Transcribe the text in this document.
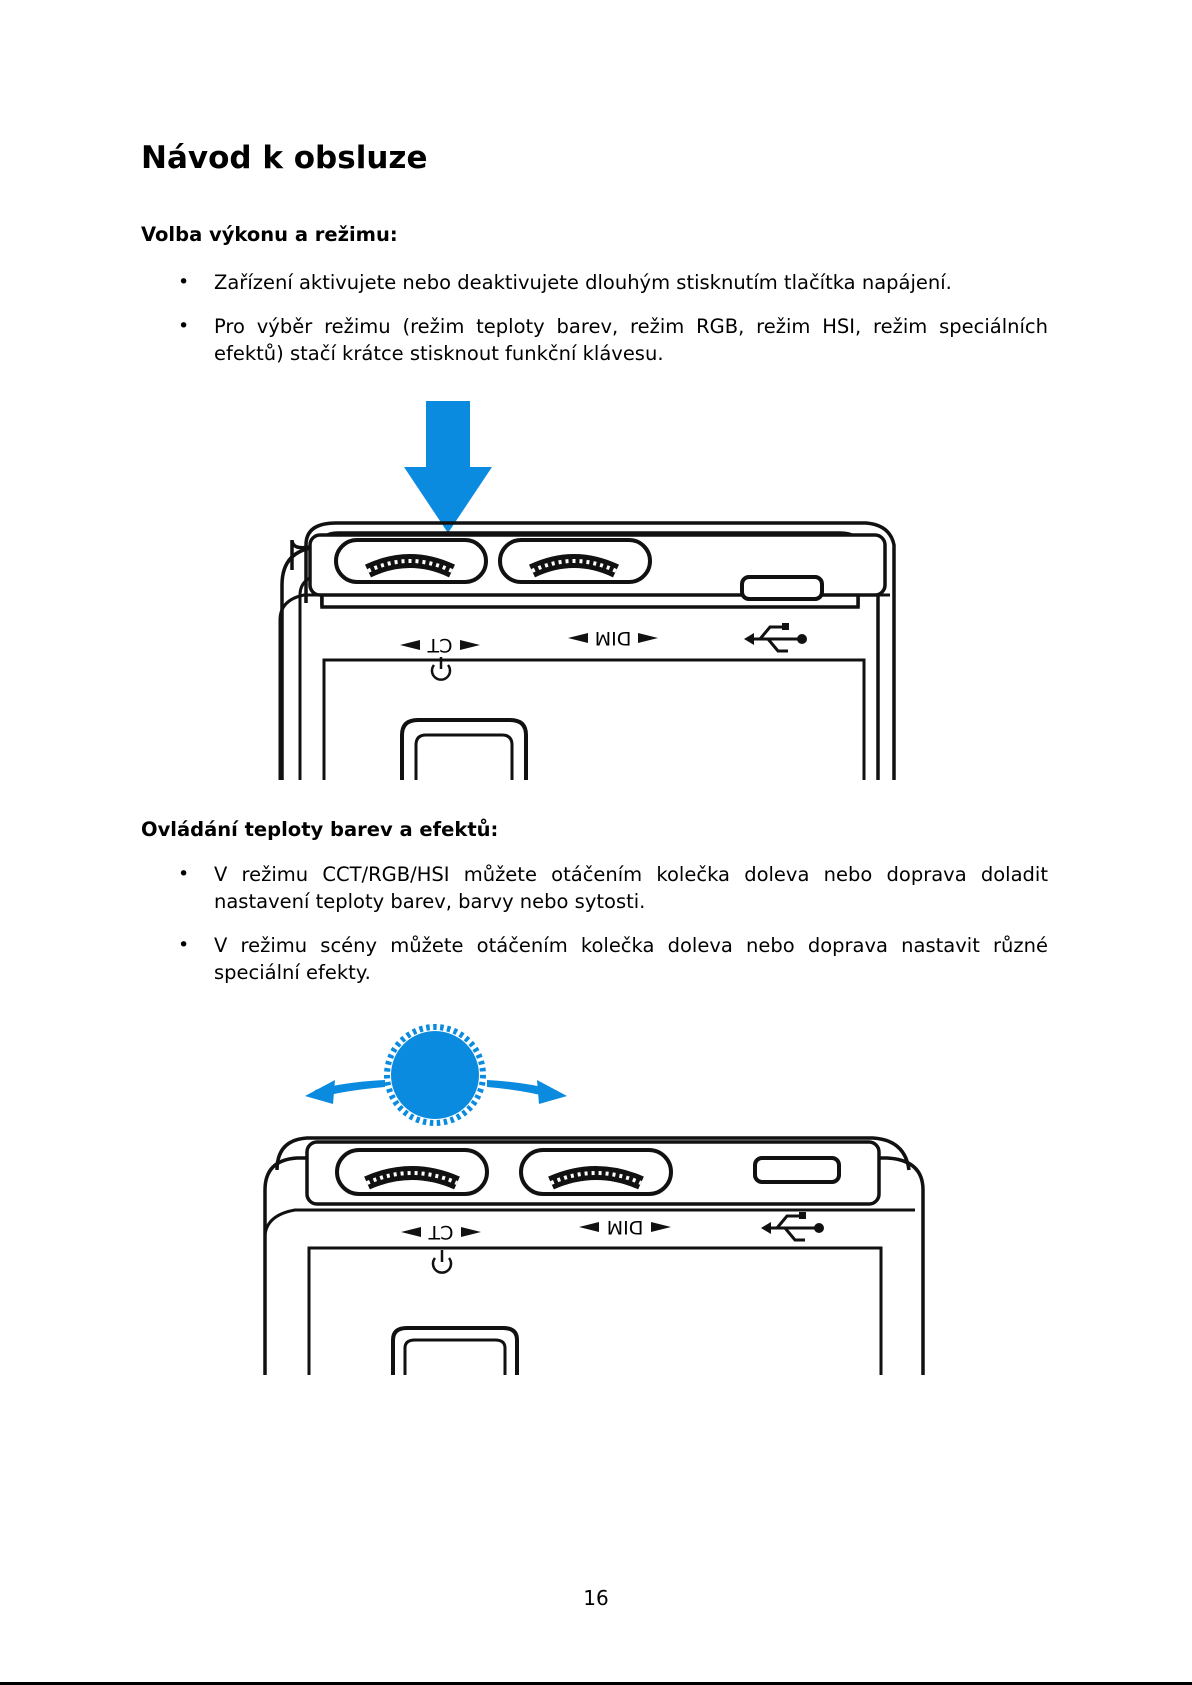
Návod k obsluze
Volba výkonu a režimu:
• Zařízení aktivujete nebo deaktivujete dlouhým stisknutím tlačítka napájení.
• Pro výběr režimu (režim teploty barev, režim RGB, režim HSI, režim speciálních efektů) stačí krátce stisknout funkční klávesu.
CT	DIM
Ovládání teploty barev a efektů:
• V režimu CCT/RGB/HSI můžete otáčením kolečka doleva nebo doprava doladit nastavení teploty barev, barvy nebo sytosti.
• V režimu scény můžete otáčením kolečka doleva nebo doprava nastavit různé speciální efekty.
CT	DIM
16
